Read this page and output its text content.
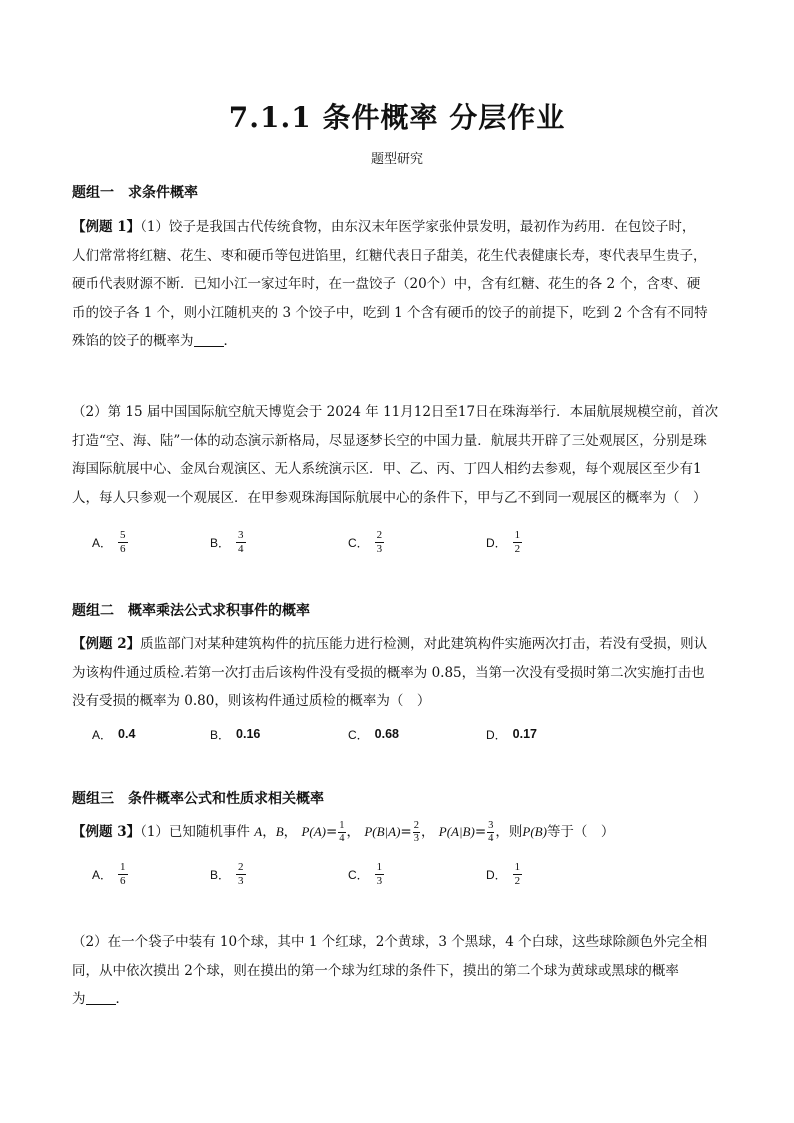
7.1.1 条件概率 分层作业
题型研究
题组一　求条件概率

【例题 1】（1）饺子是我国古代传统食物，由东汉末年医学家张仲景发明，最初作为药用．在包饺子时，

人们常常将红糖、花生、枣和硬币等包进馅里，红糖代表日子甜美，花生代表健康长寿，枣代表早生贵子，

硬币代表财源不断．已知小江一家过年时，在一盘饺子（20个）中，含有红糖、花生的各 2 个，含枣、硬

币的饺子各 1 个，则小江随机夹的 3 个饺子中，吃到 1 个含有硬币的饺子的前提下，吃到 2 个含有不同特

殊馅的饺子的概率为 ．

（2）第 15 届中国国际航空航天博览会于 2024 年 11月12日至17日在珠海举行．本届航展规模空前，首次

打造“空、海、陆”一体的动态演示新格局，尽显逐梦长空的中国力量．航展共开辟了三处观展区，分别是珠

海国际航展中心、金凤台观演区、无人系统演示区．甲、乙、丙、丁四人相约去参观，每个观展区至少有1

人，每人只参观一个观展区．在甲参观珠海国际航展中心的条件下，甲与乙不到同一观展区的概率为（　）

A． $\frac{5}{6}$	B． $\frac{3}{4}$	C． $\frac{2}{3}$	D． $\frac{1}{2}$
题组二　概率乘法公式求积事件的概率

【例题 2】质监部门对某种建筑构件的抗压能力进行检测，对此建筑构件实施两次打击，若没有受损，则认

为该构件通过质检.若第一次打击后该构件没有受损的概率为 0.85，当第一次没有受损时第二次实施打击也

没有受损的概率为 0.80，则该构件通过质检的概率为（　）

A． 0.4	B． 0.16	C． 0.68	D． 0.17
题组三　条件概率公式和性质求相关概率

【例题 3】（1）已知随机事件 A，B， $P(A)= \frac{1}{4}$ ， $P(B|A)= \frac{2}{3}$ ， $P(A|B)= \frac{3}{4}$ ，则P(B)等于（　）

A． $\frac{1}{6}$	B． $\frac{2}{3}$	C． $\frac{1}{3}$	D． $\frac{1}{2}$

（2）在一个袋子中装有 10个球，其中 1 个红球，2个黄球，3 个黑球，4 个白球，这些球除颜色外完全相

同，从中依次摸出 2个球，则在摸出的第一个球为红球的条件下，摸出的第二个球为黄球或黑球的概率

为 ．
